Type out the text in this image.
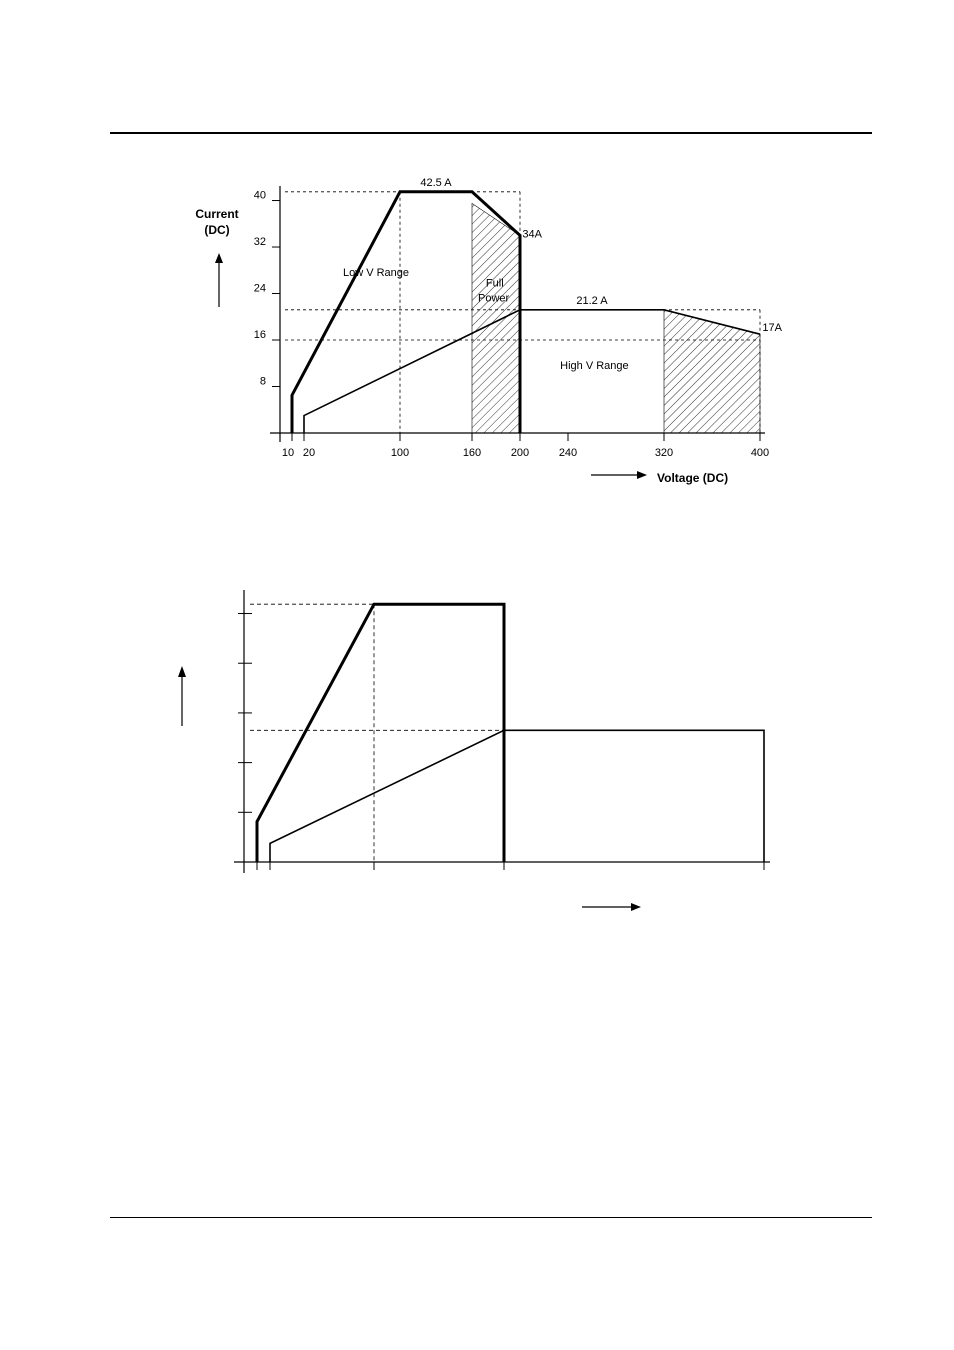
10 20	100	160	200	240	320	400
8
16
24
32
40
42.5 A
34A
21.2 A
17A
Low V Range
Full
Power
High V Range
Current
(DC)
Voltage (DC)
